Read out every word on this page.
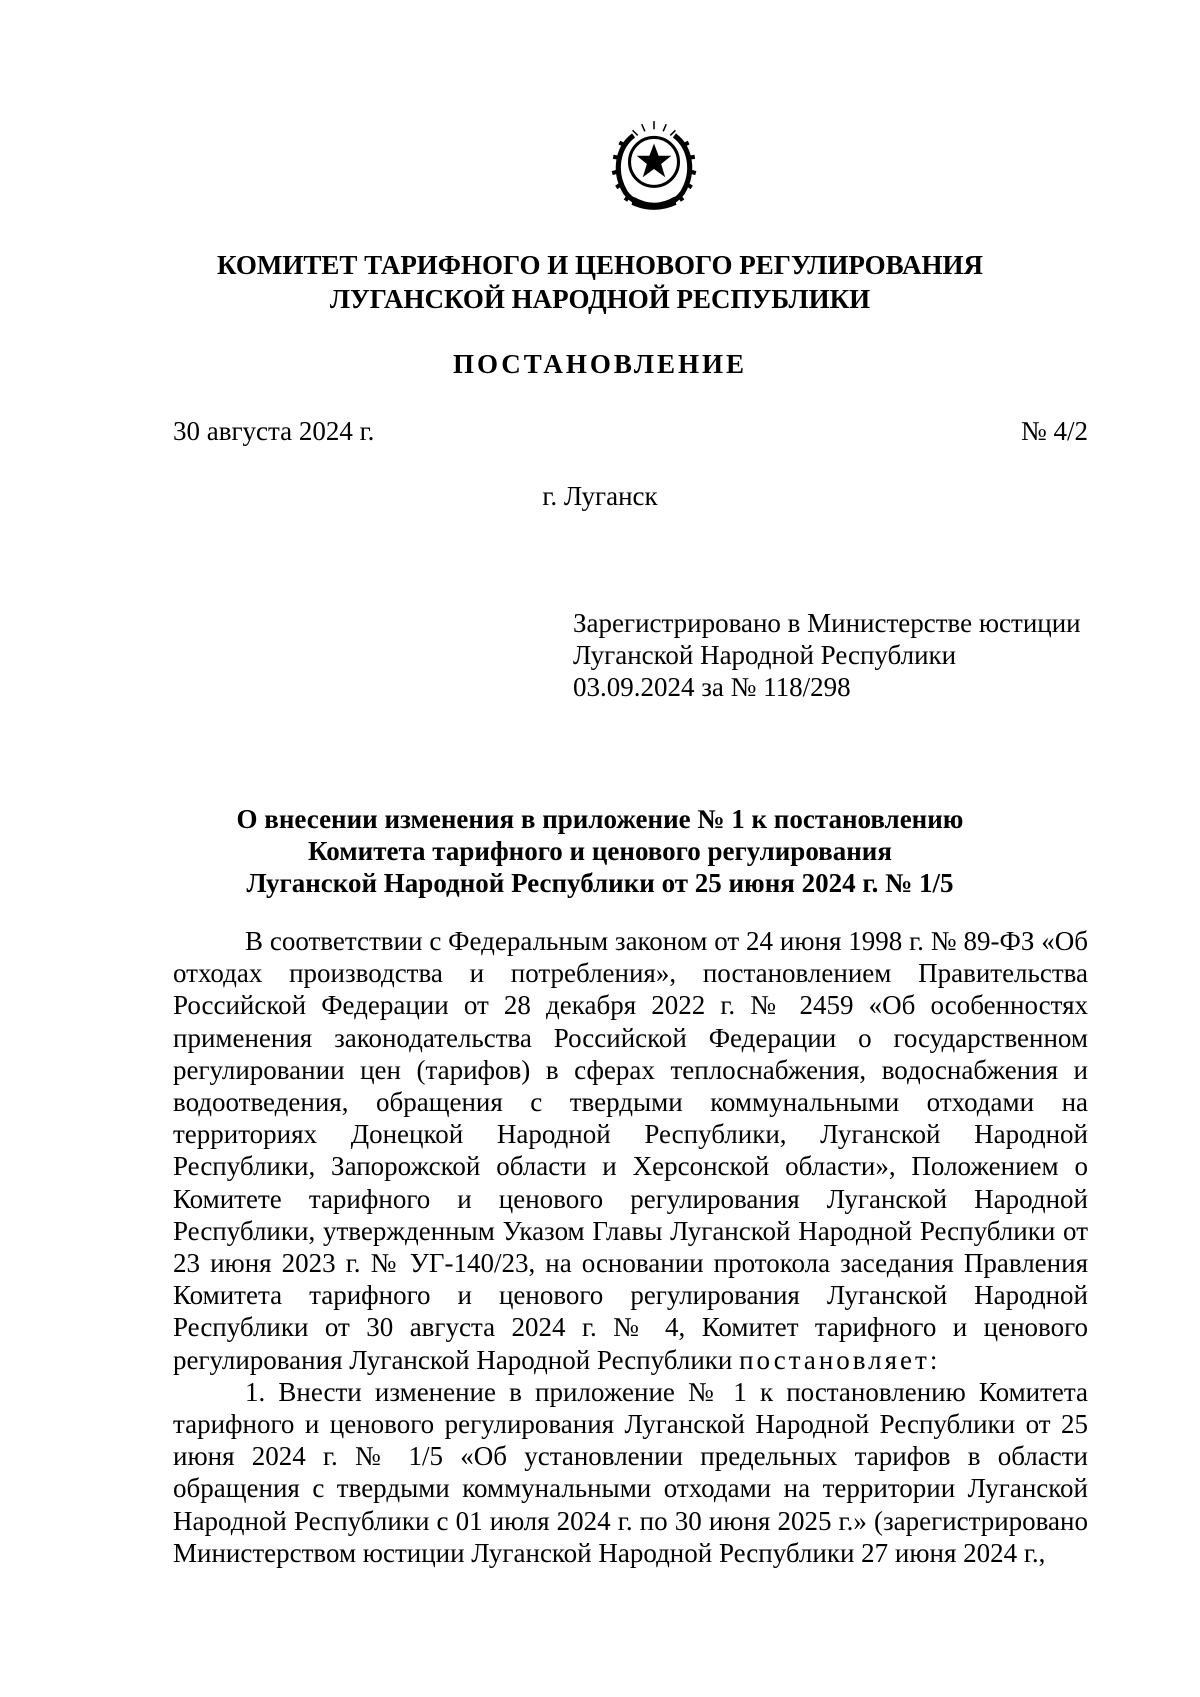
КОМИТЕТ ТАРИФНОГО И ЦЕНОВОГО РЕГУЛИРОВАНИЯ
ЛУГАНСКОЙ НАРОДНОЙ РЕСПУБЛИКИ
ПОСТАНОВЛЕНИЕ
30 августа 2024 г.	№ 4/2
г. Луганск
Зарегистрировано в Министерстве юстиции
Луганской Народной Республики
03.09.2024 за № 118/298
О внесении изменения в приложение № 1 к постановлению
Комитета тарифного и ценового регулирования
Луганской Народной Республики от 25 июня 2024 г. № 1/5

В соответствии с Федеральным законом от 24 июня 1998 г. № 89-ФЗ «Об отходах производства и потребления», постановлением Правительства Российской Федерации от 28 декабря 2022 г. № 2459 «Об особенностях применения законодательства Российской Федерации о государственном регулировании цен (тарифов) в сферах теплоснабжения, водоснабжения и водоотведения, обращения с твердыми коммунальными отходами на территориях Донецкой Народной Республики, Луганской Народной Республики, Запорожской области и Херсонской области», Положением о Комитете тарифного и ценового регулирования Луганской Народной Республики, утвержденным Указом Главы Луганской Народной Республики от 23 июня 2023 г. № УГ-140/23, на основании протокола заседания Правления Комитета тарифного и ценового регулирования Луганской Народной Республики от 30 августа 2024 г. № 4, Комитет тарифного и ценового регулирования Луганской Народной Республики постановляет:

1. Внести изменение в приложение № 1 к постановлению Комитета тарифного и ценового регулирования Луганской Народной Республики от 25 июня 2024 г. № 1/5 «Об установлении предельных тарифов в области обращения с твердыми коммунальными отходами на территории Луганской Народной Республики с 01 июля 2024 г. по 30 июня 2025 г.» (зарегистрировано Министерством юстиции Луганской Народной Республики 27 июня 2024 г.,
